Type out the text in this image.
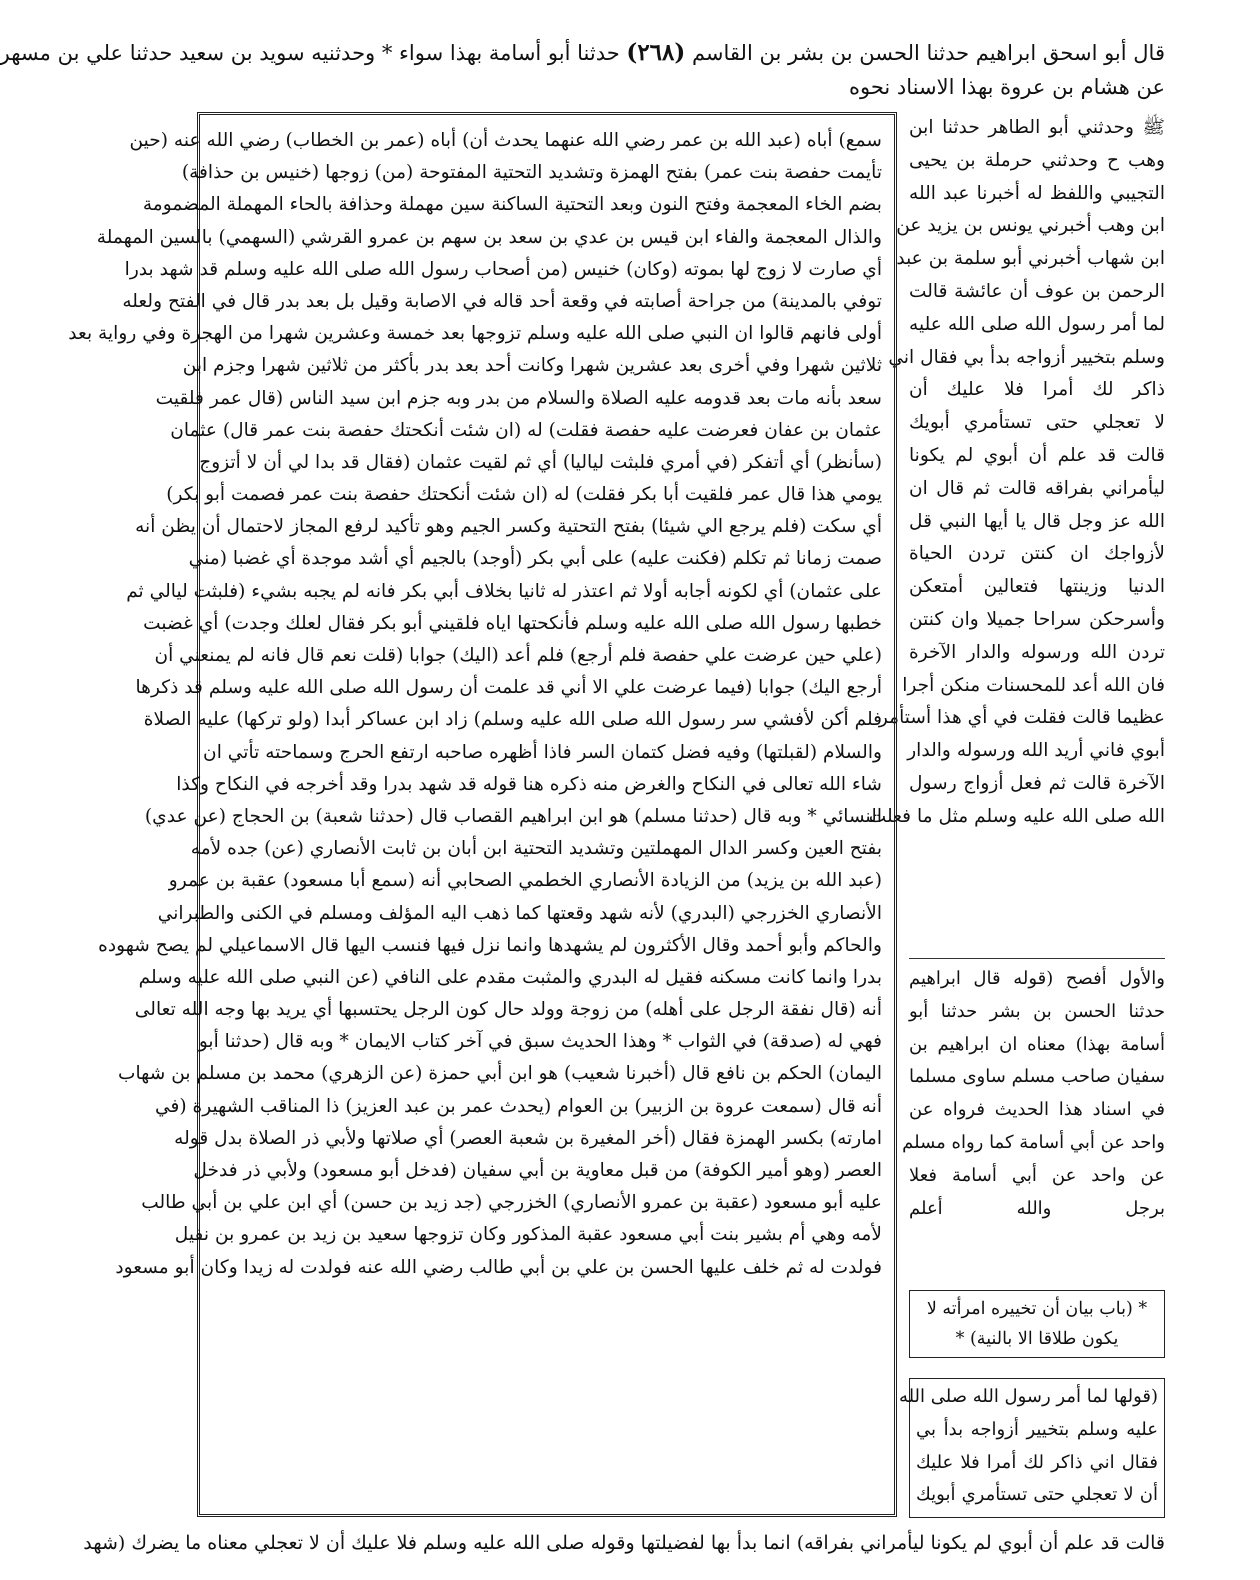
قال أبو اسحق ابراهيم حدثنا الحسن بن بشر بن القاسم (٢٦٨) حدثنا أبو أسامة بهذا سواء * وحدثنيه سويد بن سعيد حدثنا علي بن مسهر
عن هشام بن عروة بهذا الاسناد نحوه
ﷺ وحدثني أبو الطاهر حدثنا ابن
وهب ح وحدثني حرملة بن يحيى
التجيبي واللفظ له أخبرنا عبد الله
ابن وهب أخبرني يونس بن يزيد عن
ابن شهاب أخبرني أبو سلمة بن عبد
الرحمن بن عوف أن عائشة قالت
لما أمر رسول الله صلى الله عليه
وسلم بتخيير أزواجه بدأ بي فقال اني
ذاكر لك أمرا فلا عليك أن
لا تعجلي حتى تستأمري أبويك
قالت قد علم أن أبوي لم يكونا
ليأمراني بفراقه قالت ثم قال ان
الله عز وجل قال يا أيها النبي قل
لأزواجك ان كنتن تردن الحياة
الدنيا وزينتها فتعالين أمتعكن
وأسرحكن سراحا جميلا وان كنتن
تردن الله ورسوله والدار الآخرة
فان الله أعد للمحسنات منكن أجرا
عظيما قالت فقلت في أي هذا أستأمر
أبوي فاني أريد الله ورسوله والدار
الآخرة قالت ثم فعل أزواج رسول
الله صلى الله عليه وسلم مثل ما فعلت
والأول أفصح (قوله قال ابراهيم
حدثنا الحسن بن بشر حدثنا أبو
أسامة بهذا) معناه ان ابراهيم بن
سفيان صاحب مسلم ساوى مسلما
في اسناد هذا الحديث فرواه عن
واحد عن أبي أسامة كما رواه مسلم
عن واحد عن أبي أسامة فعلا
برجل والله أعلم
* (باب بيان أن تخييره امرأته لا يكون طلاقا الا بالنية) *
(قولها لما أمر رسول الله صلى الله
عليه وسلم بتخيير أزواجه بدأ بي
فقال اني ذاكر لك أمرا فلا عليك
أن لا تعجلي حتى تستأمري أبويك
سمع) أباه (عبد الله بن عمر رضي الله عنهما يحدث أن) أباه (عمر بن الخطاب) رضي الله عنه (حين
تأيمت حفصة بنت عمر) بفتح الهمزة وتشديد التحتية المفتوحة (من) زوجها (خنيس بن حذافة)
بضم الخاء المعجمة وفتح النون وبعد التحتية الساكنة سين مهملة وحذافة بالحاء المهملة المضمومة
والذال المعجمة والفاء ابن قيس بن عدي بن سعد بن سهم بن عمرو القرشي (السهمي) بالسين المهملة
أي صارت لا زوج لها بموته (وكان) خنيس (من أصحاب رسول الله صلى الله عليه وسلم قد شهد بدرا
توفي بالمدينة) من جراحة أصابته في وقعة أحد قاله في الاصابة وقيل بل بعد بدر قال في الفتح ولعله
أولى فانهم قالوا ان النبي صلى الله عليه وسلم تزوجها بعد خمسة وعشرين شهرا من الهجرة وفي رواية بعد
ثلاثين شهرا وفي أخرى بعد عشرين شهرا وكانت أحد بعد بدر بأكثر من ثلاثين شهرا وجزم ابن
سعد بأنه مات بعد قدومه عليه الصلاة والسلام من بدر وبه جزم ابن سيد الناس (قال عمر فلقيت
عثمان بن عفان فعرضت عليه حفصة فقلت) له (ان شئت أنكحتك حفصة بنت عمر قال) عثمان
(سأنظر) أي أتفكر (في أمري فلبثت لياليا) أي ثم لقيت عثمان (فقال قد بدا لي أن لا أتزوج
يومي هذا قال عمر فلقيت أبا بكر فقلت) له (ان شئت أنكحتك حفصة بنت عمر فصمت أبو بكر)
أي سكت (فلم يرجع الي شيئا) بفتح التحتية وكسر الجيم وهو تأكيد لرفع المجاز لاحتمال أن يظن أنه
صمت زمانا ثم تكلم (فكنت عليه) على أبي بكر (أوجد) بالجيم أي أشد موجدة أي غضبا (مني
على عثمان) أي لكونه أجابه أولا ثم اعتذر له ثانيا بخلاف أبي بكر فانه لم يجبه بشيء (فلبثت ليالي ثم
خطبها رسول الله صلى الله عليه وسلم فأنكحتها اياه فلقيني أبو بكر فقال لعلك وجدت) أي غضبت
(علي حين عرضت علي حفصة فلم أرجع) فلم أعد (اليك) جوابا (قلت نعم قال فانه لم يمنعني أن
أرجع اليك) جوابا (فيما عرضت علي الا أني قد علمت أن رسول الله صلى الله عليه وسلم قد ذكرها
فلم أكن لأفشي سر رسول الله صلى الله عليه وسلم) زاد ابن عساكر أبدا (ولو تركها) عليه الصلاة
والسلام (لقبلتها) وفيه فضل كتمان السر فاذا أظهره صاحبه ارتفع الحرج وسماحته تأتي ان
شاء الله تعالى في النكاح والغرض منه ذكره هنا قوله قد شهد بدرا وقد أخرجه في النكاح وكذا
النسائي * وبه قال (حدثنا مسلم) هو ابن ابراهيم القصاب قال (حدثنا شعبة) بن الحجاج (عن عدي)
بفتح العين وكسر الدال المهملتين وتشديد التحتية ابن أبان بن ثابت الأنصاري (عن) جده لأمه
(عبد الله بن يزيد) من الزيادة الأنصاري الخطمي الصحابي أنه (سمع أبا مسعود) عقبة بن عمرو
الأنصاري الخزرجي (البدري) لأنه شهد وقعتها كما ذهب اليه المؤلف ومسلم في الكنى والطبراني
والحاكم وأبو أحمد وقال الأكثرون لم يشهدها وانما نزل فيها فنسب اليها قال الاسماعيلي لم يصح شهوده
بدرا وانما كانت مسكنه فقيل له البدري والمثبت مقدم على النافي (عن النبي صلى الله عليه وسلم
أنه (قال نفقة الرجل على أهله) من زوجة وولد حال كون الرجل يحتسبها أي يريد بها وجه الله تعالى
فهي له (صدقة) في الثواب * وهذا الحديث سبق في آخر كتاب الايمان * وبه قال (حدثنا أبو
اليمان) الحكم بن نافع قال (أخبرنا شعيب) هو ابن أبي حمزة (عن الزهري) محمد بن مسلم بن شهاب
أنه قال (سمعت عروة بن الزبير) بن العوام (يحدث عمر بن عبد العزيز) ذا المناقب الشهيرة (في
امارته) بكسر الهمزة فقال (أخر المغيرة بن شعبة العصر) أي صلاتها ولأبي ذر الصلاة بدل قوله
العصر (وهو أمير الكوفة) من قبل معاوية بن أبي سفيان (فدخل أبو مسعود) ولأبي ذر فدخل
عليه أبو مسعود (عقبة بن عمرو الأنصاري) الخزرجي (جد زيد بن حسن) أي ابن علي بن أبي طالب
لأمه وهي أم بشير بنت أبي مسعود عقبة المذكور وكان تزوجها سعيد بن زيد بن عمرو بن نفيل
فولدت له ثم خلف عليها الحسن بن علي بن أبي طالب رضي الله عنه فولدت له زيدا وكان أبو مسعود
قالت قد علم أن أبوي لم يكونا ليأمراني بفراقه) انما بدأ بها لفضيلتها وقوله صلى الله عليه وسلم فلا عليك أن لا تعجلي معناه ما يضرك (شهد
